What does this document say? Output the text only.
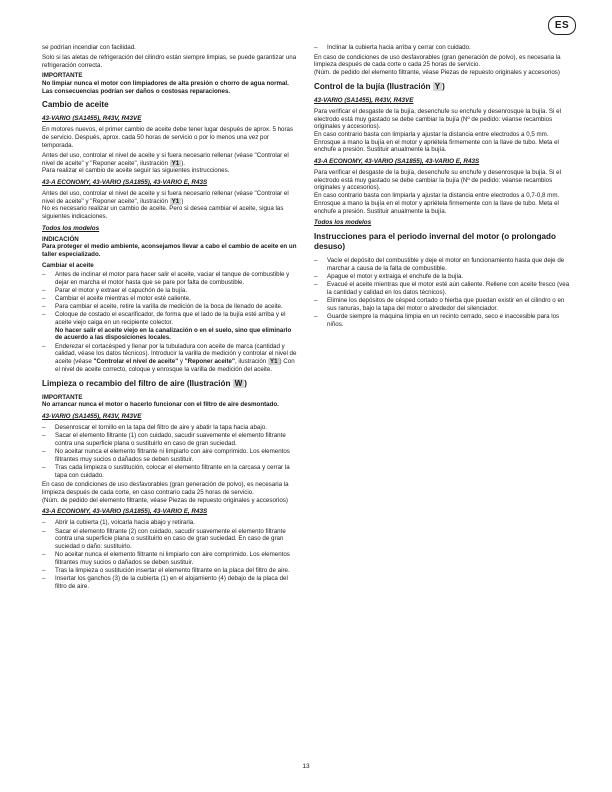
ES

se podrían incendiar con facilidad.

Solo si las aletas de refrigeración del cilindro están siempre limpias, se puede garantizar una refrigeración correcta.

IMPORTANTE

No limpiar nunca el motor con limpiadores de alta presión o chorro de agua normal. Las consecuencias podrían ser daños o costosas reparaciones.

Cambio de aceite
43-VARIO (SA1455), R43V, R43VE

En motores nuevos, el primer cambio de aceite debe tener lugar después de aprox. 5 horas de servicio. Después, aprox. cada 50 horas de servicio o por lo menos una vez por temporada.

Antes del uso, controlar el nivel de aceite y si fuera necesario rellenar (véase "Controlar el nivel de aceite" y "Reponer aceite", ilustración Y1 ).

Para realizar el cambio de aceite seguir las siguientes instrucciones.

43-A ECONOMY, 43-VARIO (SA1855), 43-VARIO E, R43S

Antes del uso, controlar el nivel de aceite y si fuera necesario rellenar (véase "Controlar el nivel de aceite" y "Reponer aceite", ilustración Y1 )

No es necesario realizar un cambio de aceite. Pero si desea cambiar el aceite, sigua las siguientes indicaciones.

Todos los modelos

INDICACIÓN

Para proteger el medio ambiente, aconsejamos llevar a cabo el cambio de aceite en un taller especializado.

Cambiar el aceite
– Antes de inclinar el motor para hacer salir el aceite, vaciar el tanque de combustible y dejar en marcha el motor hasta que se pare por falta de combustible.
– Parar el motor y extraer el capuchón de la bujía.
– Cambiar el aceite mientras el motor esté caliente.
– Para cambiar el aceite, retire la varilla de medición de la boca de llenado de aceite.
– Coloque de costado el escarificador, de forma que el lado de la bujía esté arriba y el aceite viejo caiga en un recipiente colector.
No hacer salir el aceite viejo en la canalización o en el suelo, sino que eliminarlo de acuerdo a las disposiciones locales.
– Enderezar el cortacésped y llenar por la tubuladura con aceite de marca (cantidad y calidad, véase los datos técnicos). Introducir la varilla de medición y controlar el nivel de aceite (véase "Controlar el nivel de aceite" y "Reponer aceite", ilustración Y1 ) Con el nivel de aceite correcto, coloque y enrosque la varilla de medición del aceite.
Limpieza o recambio del filtro de aire (Ilustración W )

IMPORTANTE

No arrancar nunca el motor o hacerlo funcionar con el filtro de aire desmontado.

43-VARIO (SA1455), R43V, R43VE
– Desenroscar el tornillo en la tapa del filtro de aire y abatir la tapa hacia abajo.
– Sacar el elemento filtrante (1) con cuidado, sacudir suavemente el elemento filtrante contra una superficie plana o sustituirlo en caso de gran suciedad.
– No aceitar nunca el elemento filtrante ni limpiarlo con aire comprimido. Los elementos filtrantes muy sucios o dañados se deben sustituir.
– Tras cada limpieza o sustitución, colocar el elemento filtrante en la carcasa y cerrar la tapa con cuidado.

En caso de condiciones de uso desfavorables (gran generación de polvo), es necesaria la limpieza después de cada corte, en caso contrario cada 25 horas de servicio.

(Núm. de pedido del elemento filtrante, véase Piezas de repuesto originales y accesorios)

43-A ECONOMY, 43-VARIO (SA1855), 43-VARIO E, R43S
– Abrir la cubierta (1), volcarla hacia abajo y retirarla.
– Sacar el elemento filtrante (2) con cuidado, sacudir suavemente el elemento filtrante contra una superficie plana o sustituirlo en caso de gran suciedad. En caso de gran suciedad o daño: sustituirlo.
– No aceitar nunca el elemento filtrante ni limpiarlo con aire comprimido. Los elementos filtrantes muy sucios o dañados se deben sustituir.
– Tras la limpieza o sustitución insertar el elemento filtrante en la placa del filtro de aire.
– Insertar los ganchos (3) de la cubierta (1) en el alojamiento (4) debajo de la placa del filtro de aire.
– Inclinar la cubierta hacia arriba y cerrar con cuidado.

En caso de condiciones de uso desfavorables (gran generación de polvo), es necesaria la limpieza después de cada corte o cada 25 horas de servicio.

(Núm. de pedido del elemento filtrante, véase Piezas de repuesto originales y accesorios)

Control de la bujía (Ilustración Y )
43-VARIO (SA1455), R43V, R43VE

Para verificar el desgaste de la bujía, desenchufe su enchufe y desenrosque la bujía. Si el electrodo está muy gastado se debe cambiar la bujía (Nº de pedido: véanse recambios originales y accesorios).

En caso contrario basta con limpiarla y ajustar la distancia entre electrodos a 0,5 mm. Enrosque a mano la bujía en el motor y apriétela firmemente con la llave de tubo. Meta el enchufe a presión. Sustituir anualmente la bujía.

43-A ECONOMY, 43-VARIO (SA1855), 43-VARIO E, R43S

Para verificar el desgaste de la bujía, desenchufe su enchufe y desenrosque la bujía. Si el electrodo está muy gastado se debe cambiar la bujía (Nº de pedido: véanse recambios originales y accesorios).

En caso contrario basta con limpiarla y ajustar la distancia entre electrodos a 0,7-0,8 mm. Enrosque a mano la bujía en el motor y apriétela firmemente con la llave de tubo. Meta el enchufe a presión. Sustituir anualmente la bujía.

Todos los modelos
Instrucciones para el periodo invernal del motor (o prolongado desuso)
– Vacíe el depósito del combustible y deje el motor en funcionamiento hasta que deje de marchar a causa de la falta de combustible.
– Apague el motor y extraiga el enchufe de la bujía.
– Evacué el aceite mientras que el motor esté aún caliente. Rellene con aceite fresco (vea la cantidad y calidad en los datos técnicos).
– Elimine los depósitos de césped cortado o hierba que puedan existir en el cilindro o en sus ranuras, bajo la tapa del motor o alrededor del silenciador.
– Guarde siempre la máquina limpia en un recinto cerrado, seco e inaccesible para los niños.
13
